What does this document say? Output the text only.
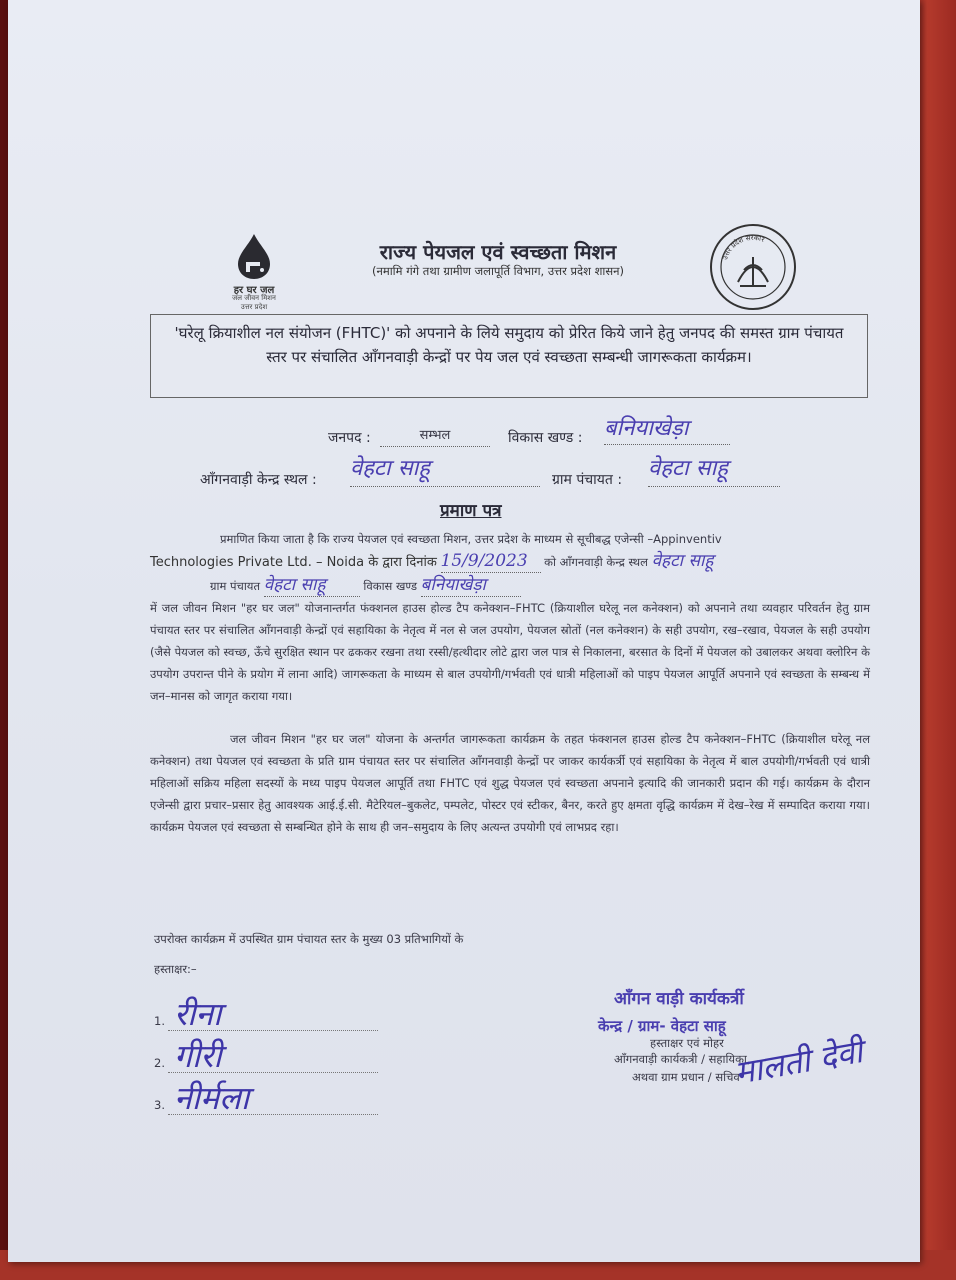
हर घर जल
जल जीवन मिशन
उत्तर प्रदेश
राज्य पेयजल एवं स्वच्छता मिशन
(नमामि गंगे तथा ग्रामीण जलापूर्ति विभाग, उत्तर प्रदेश शासन)
उत्तर प्रदेश सरकार

'घरेलू क्रियाशील नल संयोजन (FHTC)' को अपनाने के लिये समुदाय को प्रेरित किये जाने हेतु जनपद की समस्त ग्राम पंचायत स्तर पर संचालित आँगनवाड़ी केन्द्रों पर पेय जल एवं स्वच्छता सम्बन्धी जागरूकता कार्यक्रम।

जनपद :	सम्भल	विकास खण्ड : बनियाखेड़ा
आँगनवाड़ी केन्द्र स्थल : वेहटा साहू	ग्राम पंचायत : वेहटा साहू
प्रमाण पत्र
प्रमाणित किया जाता है कि राज्य पेयजल एवं स्वच्छता मिशन, उत्तर प्रदेश के माध्यम से सूचीबद्ध एजेन्सी –Appinventiv
Technologies Private Ltd. – Noida के द्वारा दिनांक 15/9/2023 को आँगनवाड़ी केन्द्र स्थल वेहटा साहू
ग्राम पंचायत वेहटा साहू	विकास खण्ड बनियाखेड़ा
में जल जीवन मिशन "हर घर जल" योजनान्तर्गत फंक्शनल हाउस होल्ड टैप कनेक्शन–FHTC (क्रियाशील घरेलू नल कनेक्शन) को अपनाने तथा व्यवहार परिवर्तन हेतु ग्राम पंचायत स्तर पर संचालित आँगनवाड़ी केन्द्रों एवं सहायिका के नेतृत्व में नल से जल उपयोग, पेयजल स्रोतों (नल कनेक्शन) के सही उपयोग, रख–रखाव, पेयजल के सही उपयोग (जैसे पेयजल को स्वच्छ, ऊँचे सुरक्षित स्थान पर ढककर रखना तथा रस्सी/हत्थीदार लोटे द्वारा जल पात्र से निकालना, बरसात के दिनों में पेयजल को उबालकर अथवा क्लोरिन के उपयोग उपरान्त पीने के प्रयोग में लाना आदि) जागरूकता के माध्यम से बाल उपयोगी/गर्भवती एवं धात्री महिलाओं को पाइप पेयजल आपूर्ति अपनाने एवं स्वच्छता के सम्बन्ध में जन–मानस को जागृत कराया गया।
जल जीवन मिशन "हर घर जल" योजना के अन्तर्गत जागरूकता कार्यक्रम के तहत फंक्शनल हाउस होल्ड टैप कनेक्शन–FHTC (क्रियाशील घरेलू नल कनेक्शन) तथा पेयजल एवं स्वच्छता के प्रति ग्राम पंचायत स्तर पर संचालित आँगनवाड़ी केन्द्रों पर जाकर कार्यकर्त्री एवं सहायिका के नेतृत्व में बाल उपयोगी/गर्भवती एवं धात्री महिलाओं सक्रिय महिला सदस्यों के मध्य पाइप पेयजल आपूर्ति तथा FHTC एवं शुद्ध पेयजल एवं स्वच्छता अपनाने इत्यादि की जानकारी प्रदान की गई। कार्यक्रम के दौरान एजेन्सी द्वारा प्रचार–प्रसार हेतु आवश्यक आई.ई.सी. मैटेरियल–बुकलेट, पम्पलेट, पोस्टर एवं स्टीकर, बैनर, करते हुए क्षमता वृद्धि कार्यक्रम में देख–रेख में सम्पादित कराया गया। कार्यक्रम पेयजल एवं स्वच्छता से सम्बन्धित होने के साथ ही जन–समुदाय के लिए अत्यन्त उपयोगी एवं लाभप्रद रहा।
उपरोक्त कार्यक्रम में उपस्थित ग्राम पंचायत स्तर के मुख्य 03 प्रतिभागियों के
हस्ताक्षर:–
1. रीना
2. गीरी
3. नीर्मला
आँगन वाड़ी कार्यकर्त्री
केन्द्र / ग्राम- वेहटा साहू
हस्ताक्षर एवं मोहर
आँगनवाड़ी कार्यकत्री / सहायिका,
अथवा ग्राम प्रधान / सचिव
मालती देवी
